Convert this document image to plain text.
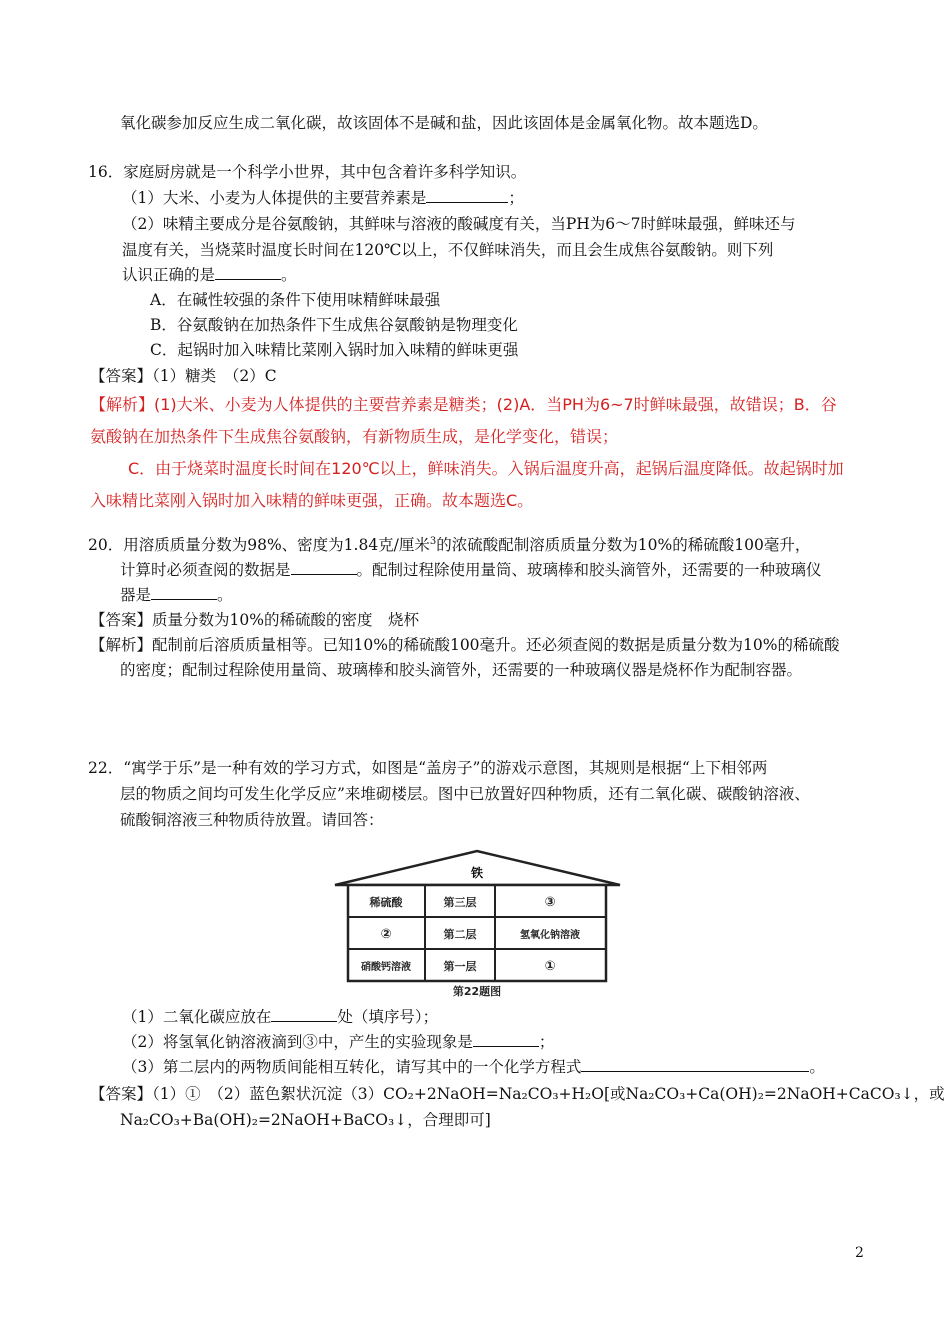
氧化碳参加反应生成二氧化碳，故该固体不是碱和盐，因此该固体是金属氧化物。故本题选D。
16．家庭厨房就是一个科学小世界，其中包含着许多科学知识。
（1）大米、小麦为人体提供的主要营养素是	；
（2）味精主要成分是谷氨酸钠，其鲜味与溶液的酸碱度有关，当PH为6～7时鲜味最强，鲜味还与
温度有关，当烧菜时温度长时间在120℃以上，不仅鲜味消失，而且会生成焦谷氨酸钠。则下列
认识正确的是	。
A．在碱性较强的条件下使用味精鲜味最强
B．谷氨酸钠在加热条件下生成焦谷氨酸钠是物理变化
C．起锅时加入味精比菜刚入锅时加入味精的鲜味更强
【答案】（1）糖类　（2）C
【解析】(1)大米、小麦为人体提供的主要营养素是糖类；(2)A．当PH为6~7时鲜味最强，故错误；B．谷
氨酸钠在加热条件下生成焦谷氨酸钠，有新物质生成，是化学变化，错误；
C．由于烧菜时温度长时间在120℃以上，鲜味消失。入锅后温度升高，起锅后温度降低。故起锅时加
入味精比菜刚入锅时加入味精的鲜味更强，正确。故本题选C。
20．用溶质质量分数为98%、密度为1.84克/厘米$^3$的浓硫酸配制溶质质量分数为10%的稀硫酸100毫升，
计算时必须查阅的数据是	。配制过程除使用量筒、玻璃棒和胶头滴管外，还需要的一种玻璃仪
器是	。
【答案】质量分数为10%的稀硫酸的密度　烧杯
【解析】配制前后溶质质量相等。已知10%的稀硫酸100毫升。还必须查阅的数据是质量分数为10%的稀硫酸
的密度；配制过程除使用量筒、玻璃棒和胶头滴管外，还需要的一种玻璃仪器是烧杯作为配制容器。
22．“寓学于乐”是一种有效的学习方式，如图是“盖房子”的游戏示意图，其规则是根据“上下相邻两
层的物质之间均可发生化学反应”来堆砌楼层。图中已放置好四种物质，还有二氧化碳、碳酸钠溶液、
硫酸铜溶液三种物质待放置。请回答：
铁
稀硫酸	第三层	③
②	第二层	氢氧化钠溶液
硝酸钙溶液	第一层	①
第22题图
（1）二氧化碳应放在	处（填序号）；
（2）将氢氧化钠溶液滴到③中，产生的实验现象是	；
（3）第二层内的两物质间能相互转化，请写其中的一个化学方程式	。
【答案】（1）①　（2）蓝色絮状沉淀（3）CO₂+2NaOH=Na₂CO₃+H₂O[或Na₂CO₃+Ca(OH)₂=2NaOH+CaCO₃↓，或
Na₂CO₃+Ba(OH)₂=2NaOH+BaCO₃↓，合理即可]
2
